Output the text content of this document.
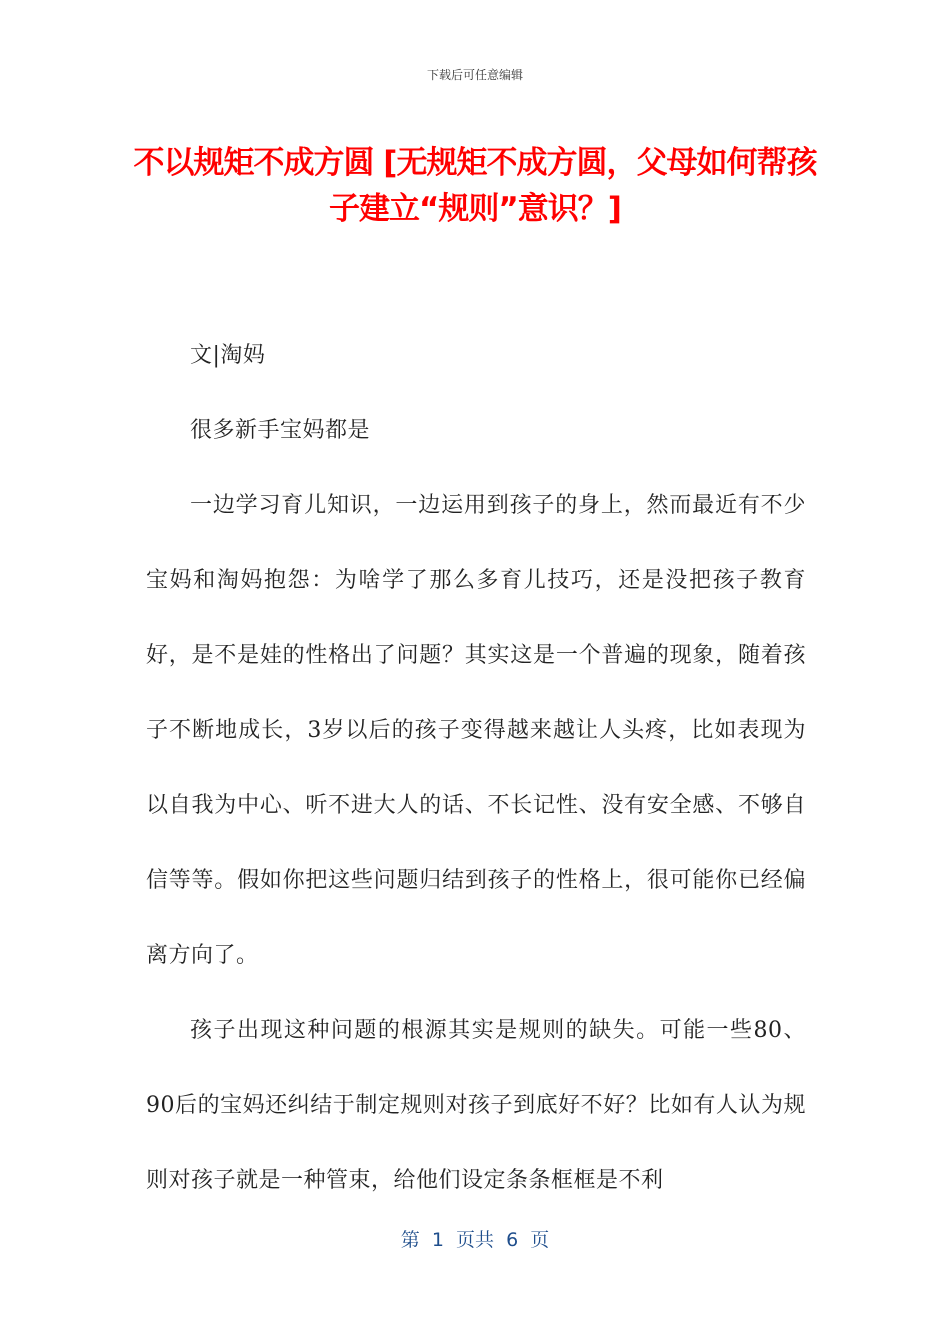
下载后可任意编辑
不以规矩不成方圆 [无规矩不成方圆，父母如何帮孩子建立“规则”意识？]

文|淘妈

很多新手宝妈都是

一边学习育儿知识，一边运用到孩子的身上，然而最近有不少宝妈和淘妈抱怨：为啥学了那么多育儿技巧，还是没把孩子教育好，是不是娃的性格出了问题？其实这是一个普遍的现象，随着孩子不断地成长，3岁以后的孩子变得越来越让人头疼，比如表现为以自我为中心、听不进大人的话、不长记性、没有安全感、不够自信等等。假如你把这些问题归结到孩子的性格上，很可能你已经偏离方向了。

孩子出现这种问题的根源其实是规则的缺失。可能一些80、90后的宝妈还纠结于制定规则对孩子到底好不好？比如有人认为规则对孩子就是一种管束，给他们设定条条框框是不利

第  1  页共  6  页
